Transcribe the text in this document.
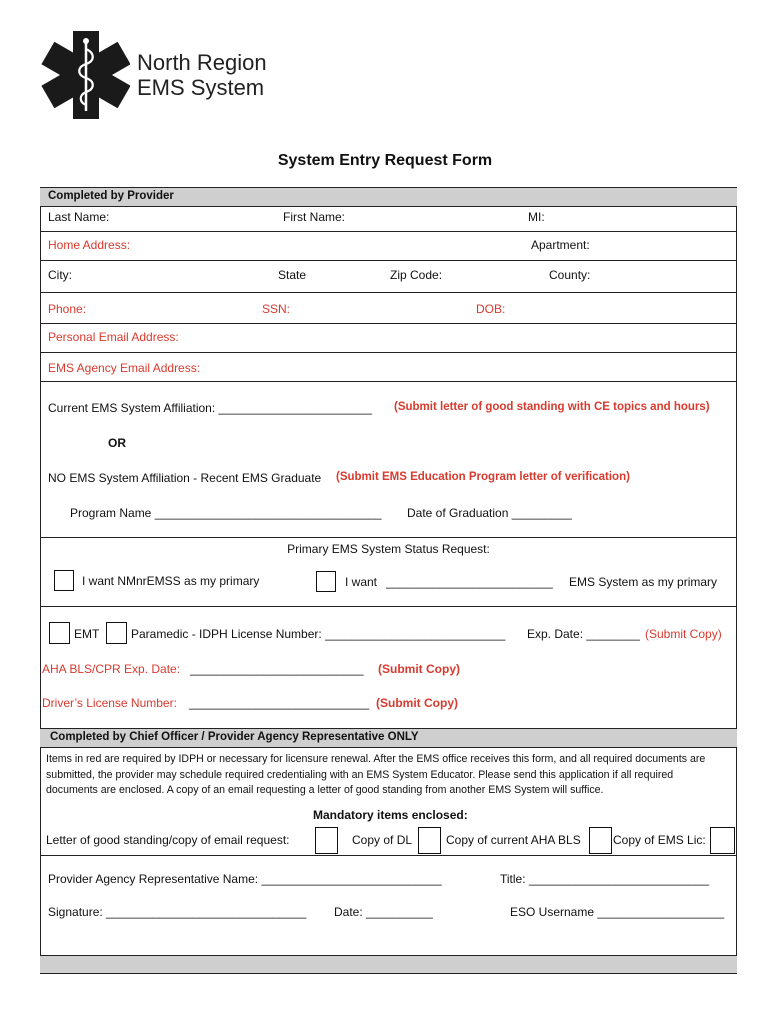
North Region
EMS System
System Entry Request Form
Completed by Provider
Last Name:	First Name:	MI:
Home Address:	Apartment:
City:	State	Zip Code:	County:
Phone:	SSN:	DOB:
Personal Email Address:
EMS Agency Email Address:
Current EMS System Affiliation: _______________________ (Submit letter of good standing with CE topics and hours)
OR
NO EMS System Affiliation - Recent EMS Graduate (Submit EMS Education Program letter of verification)
Program Name __________________________________ Date of Graduation _________
Primary EMS System Status Request:
I want NMnrEMSS as my primary	I want _________________________ EMS System as my primary
EMT	Paramedic - IDPH License Number: ___________________________ Exp. Date: ________ (Submit Copy)
AHA BLS/CPR Exp. Date: __________________________ (Submit Copy)
Driver’s License Number: ___________________________ (Submit Copy)
Completed by Chief Officer / Provider Agency Representative ONLY
Items in red are required by IDPH or necessary for licensure renewal. After the EMS office receives this form, and all required documents are submitted, the provider may schedule required credentialing with an EMS System Educator. Please send this application if all required documents are enclosed. A copy of an email requesting a letter of good standing from another EMS System will suffice.
Mandatory items enclosed:
Letter of good standing/copy of email request:	Copy of DL	Copy of current AHA BLS	Copy of EMS Lic:
Provider Agency Representative Name: ___________________________	Title: ___________________________
Signature: ______________________________ Date: __________	ESO Username ___________________
